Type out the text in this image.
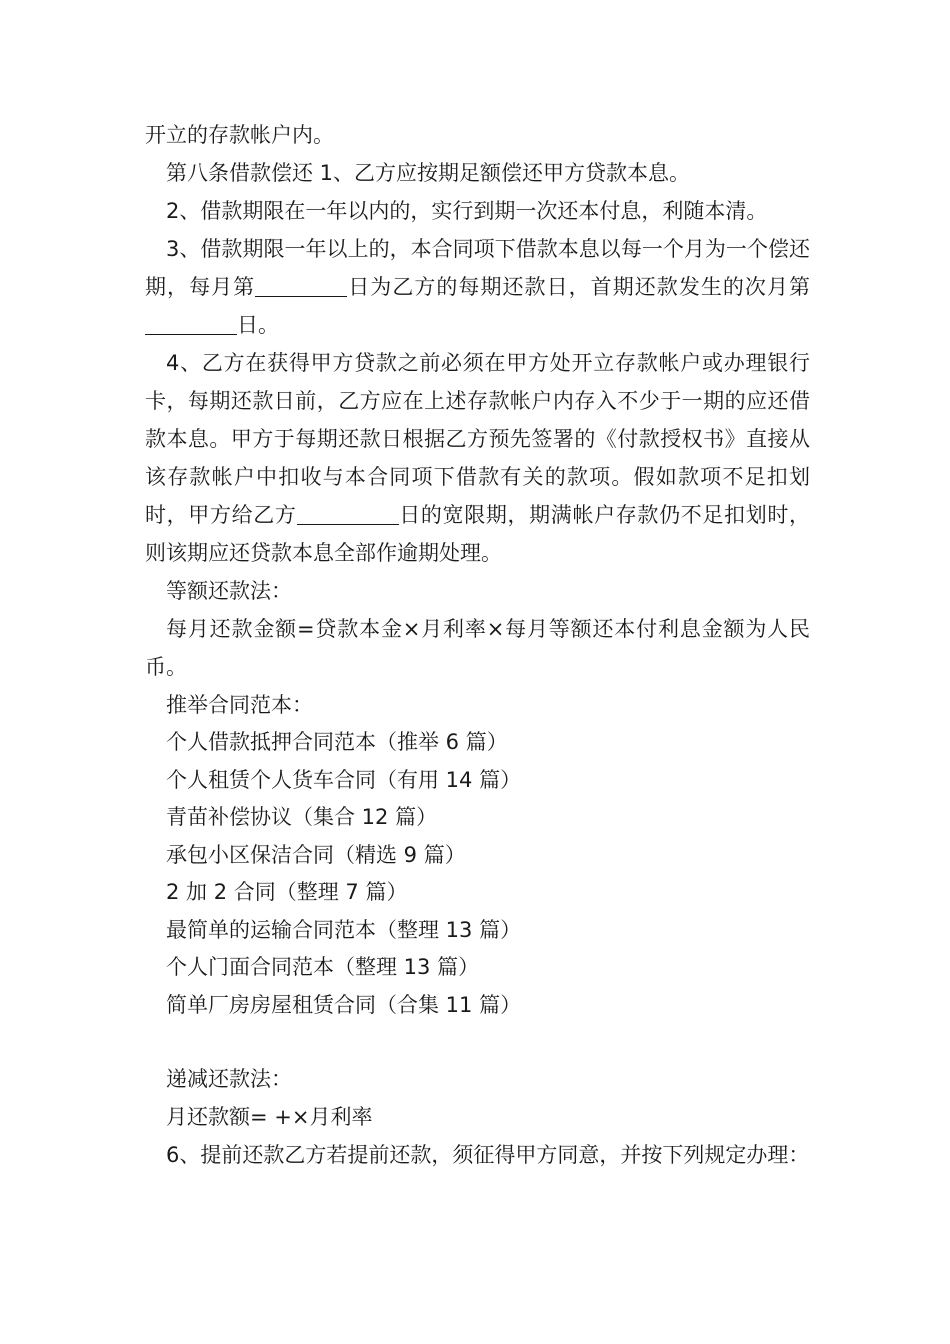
开立的存款帐户内。

第八条借款偿还 1、乙方应按期足额偿还甲方贷款本息。

2、借款期限在一年以内的，实行到期一次还本付息，利随本清。

3、借款期限一年以上的，本合同项下借款本息以每一个月为一个偿还期，每月第	日为乙方的每期还款日，首期还款发生的次月第日。

4、乙方在获得甲方贷款之前必须在甲方处开立存款帐户或办理银行卡，每期还款日前，乙方应在上述存款帐户内存入不少于一期的应还借款本息。甲方于每期还款日根据乙方预先签署的《付款授权书》直接从该存款帐户中扣收与本合同项下借款有关的款项。假如款项不足扣划时，甲方给乙方	日的宽限期，期满帐户存款仍不足扣划时，则该期应还贷款本息全部作逾期处理。

等额还款法：

每月还款金额=贷款本金×月利率×每月等额还本付利息金额为人民币。

推举合同范本：

个人借款抵押合同范本（推举 6 篇）
个人租赁个人货车合同（有用 14 篇）
青苗补偿协议（集合 12 篇）
承包小区保洁合同（精选 9 篇）
2 加 2 合同（整理 7 篇）
最简单的运输合同范本（整理 13 篇）
个人门面合同范本（整理 13 篇）
简单厂房房屋租赁合同（合集 11 篇）

递减还款法：

月还款额= +×月利率

6、提前还款乙方若提前还款，须征得甲方同意，并按下列规定办理：
